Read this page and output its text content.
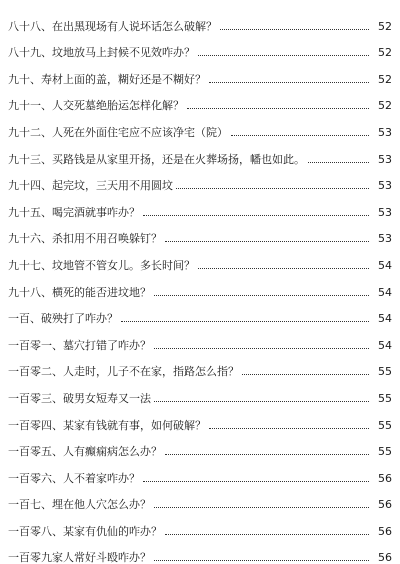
八十八、在出黑现场有人说坏话怎么破解？	52
八十九、坟地放马上封候不见效咋办？	52
九十、寿材上面的盖，糊好还是不糊好？	52
九十一、人交死墓绝胎运怎样化解？	52
九十二、人死在外面住宅应不应该净宅（院）	53
九十三、买路钱是从家里开扬，还是在火葬场扬，幡也如此。	53
九十四、起完坟，三天用不用圆坟	53
九十五、喝完酒就事咋办？	53
九十六、杀扣用不用召唤躲钉？	53
九十七、坟地管不管女儿。多长时间？	54
九十八、横死的能否进坟地？	54
一百、破殃打了咋办？	54
一百零一、墓穴打错了咋办？	54
一百零二、人走时，儿子不在家，指路怎么指？	55
一百零三、破男女短寿又一法	55
一百零四、某家有钱就有事，如何破解？	55
一百零五、人有癫痫病怎么办？	55
一百零六、人不着家咋办？	56
一百七、埋在他人穴怎么办？	56
一百零八、某家有仇仙的咋办？	56
一百零九家人常好斗殴咋办？	56
